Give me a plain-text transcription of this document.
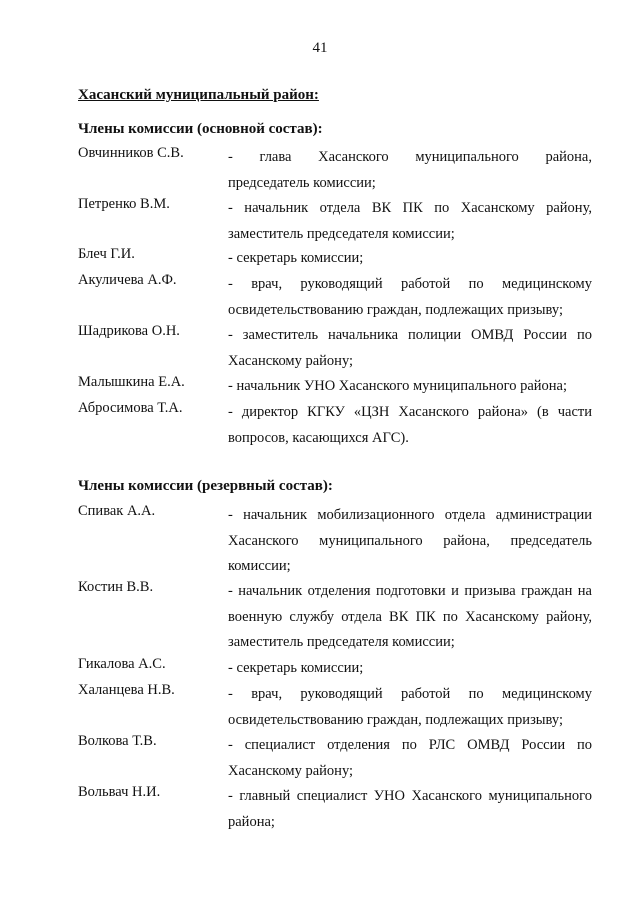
41
Хасанский муниципальный район:
Члены комиссии (основной состав):
Овчинников С.В.	- глава Хасанского муниципального района,
председатель комиссии;
Петренко В.М.	- начальник отдела ВК ПК по Хасанскому району,
заместитель председателя комиссии;
Блеч Г.И.	- секретарь комиссии;
Акуличева А.Ф.	- врач, руководящий работой по медицинскому
освидетельствованию граждан, подлежащих призыву;
Шадрикова О.Н.	- заместитель начальника полиции ОМВД России по
Хасанскому району;
Малышкина Е.А.	- начальник УНО Хасанского муниципального района;
Абросимова Т.А.	- директор КГКУ «ЦЗН Хасанского района» (в части
вопросов, касающихся АГС).
Члены комиссии (резервный состав):
Спивак А.А.	- начальник мобилизационного отдела администрации
Хасанского муниципального района, председатель
комиссии;
Костин В.В.	- начальник отделения подготовки и призыва граждан на
военную службу отдела ВК ПК по Хасанскому району,
заместитель председателя комиссии;
Гикалова А.С.	- секретарь комиссии;
Халанцева Н.В.	- врач, руководящий работой по медицинскому
освидетельствованию граждан, подлежащих призыву;
Волкова Т.В.	- специалист отделения по РЛС ОМВД России по
Хасанскому району;
Вольвач Н.И.	- главный специалист УНО Хасанского муниципального
района;
